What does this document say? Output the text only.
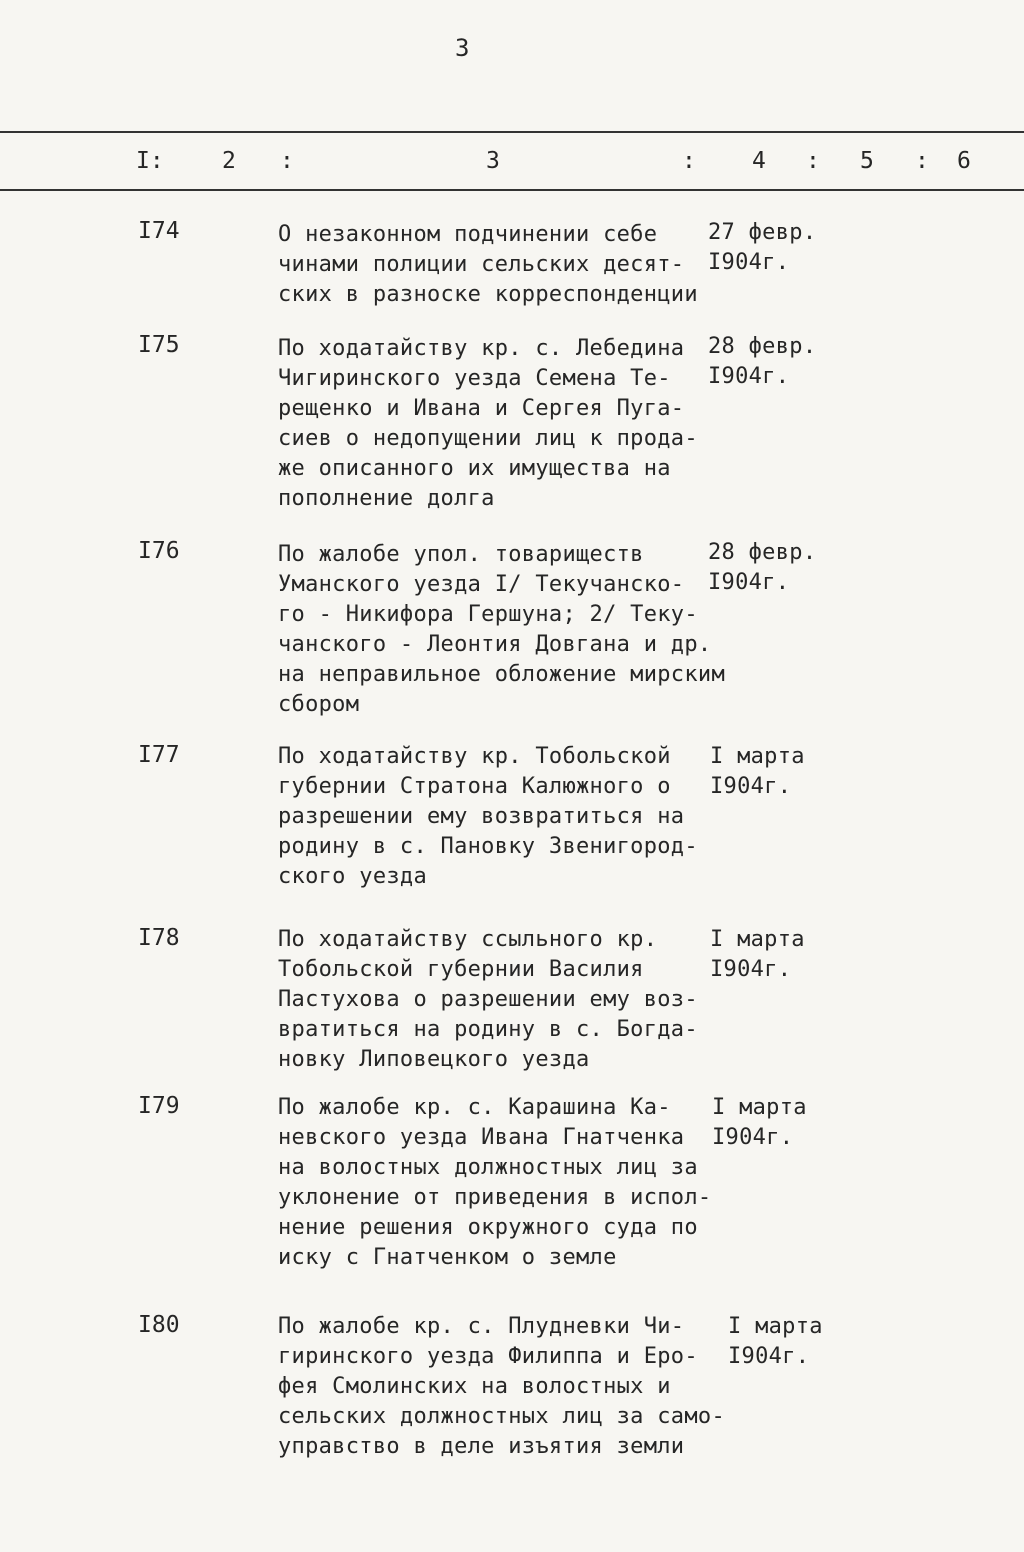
3
I:	2 :	3	: 4 : 5 : 6
I74	О незаконном подчинении себе
чинами полиции сельских десят-
ских в разноске корреспонденции
27 февр.
I904г.
I75	По ходатайству кр. с. Лебедина
Чигиринского уезда Семена Те-
рещенко и Ивана и Сергея Пуга-
сиев о недопущении лиц к продa-
же описанного их имущества на
пополнение долга
28 февр.
I904г.
I76	По жалобе упол. товариществ
Уманского уезда I/ Текучанско-
го - Никифора Гершуна; 2/ Теку-
чанского - Леонтия Довгана и др.
на неправильное обложение мирским
сбором
28 февр.
I904г.
I77	По ходатайству кр. Тобольской
губернии Стратона Калюжного о
разрешении ему возвратиться на
родину в с. Пановку Звенигород-
ского уезда
I марта
I904г.
I78	По ходатайству ссыльного кр.
Тобольской губернии Василия
Пастухова о разрешении ему воз-
вратиться на родину в с. Богда-
новку Липовецкого уезда
I марта
I904г.
I79	По жалобе кр. с. Карашина Ка-
невского уезда Ивана Гнатченка
на волостных должностных лиц за
уклонение от приведения в испол-
нение решения окружного суда по
иску с Гнатченком о земле
I марта
I904г.
I80	По жалобе кр. с. Плудневки Чи-
гиринского уезда Филиппа и Еро-
фея Смолинских на волостных и
сельских должностных лиц за само-
управство в деле изъятия земли
I марта
I904г.
